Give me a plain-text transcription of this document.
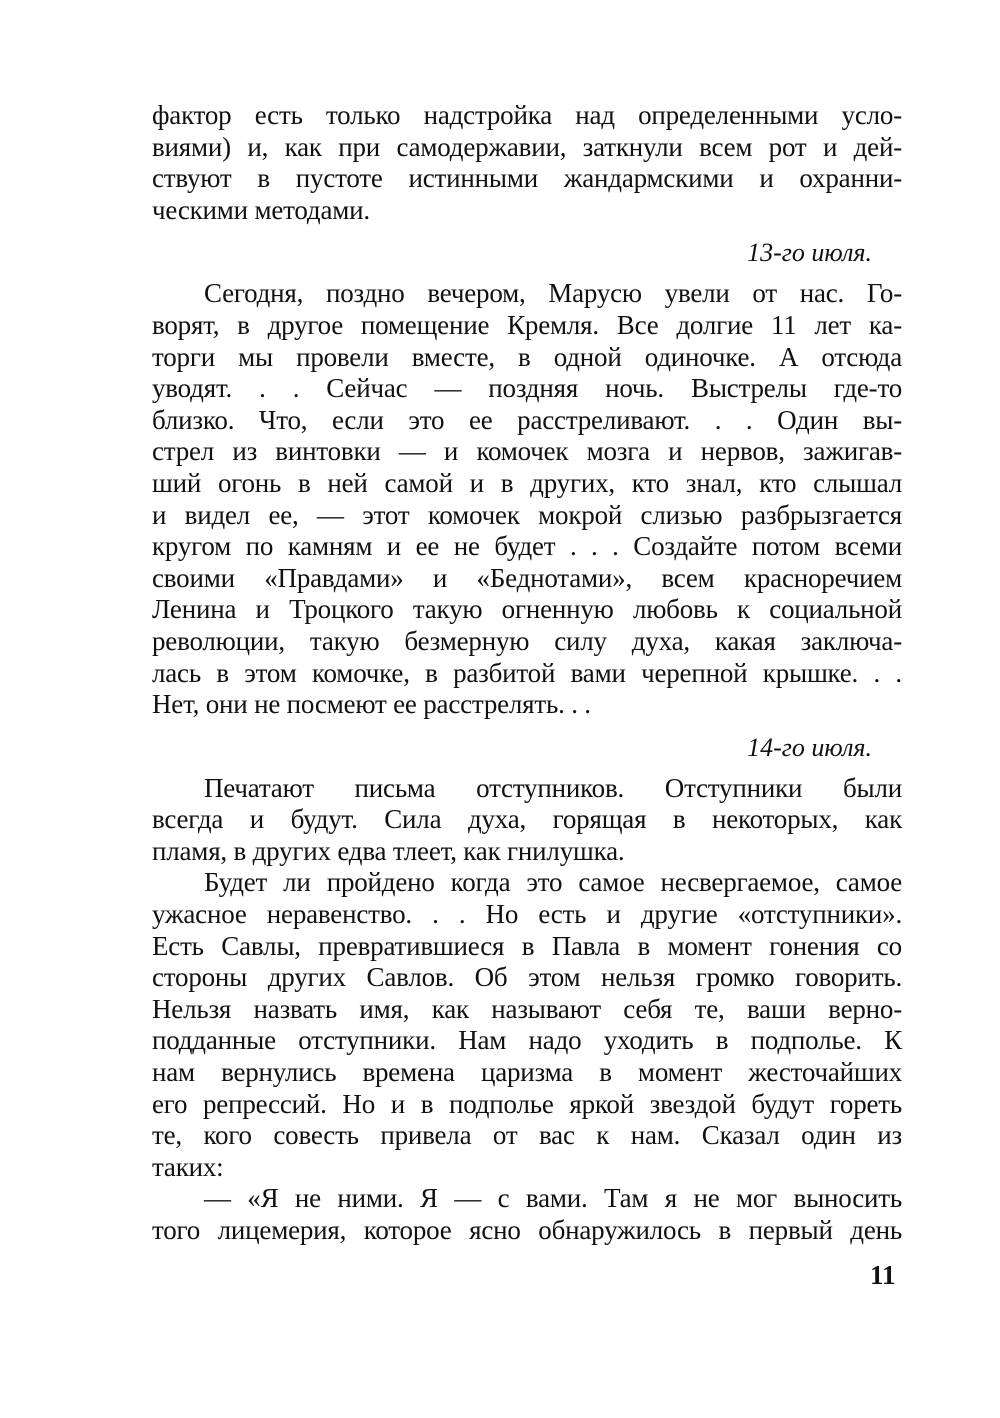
фактор есть только надстройка над определенными усло-
виями) и, как при самодержавии, заткнули всем рот и дей-
ствуют в пустоте истинными жандармскими и охранни-
ческими методами.
13-го июля.
Сегодня, поздно вечером, Марусю увели от нас. Го-
ворят, в другое помещение Кремля. Все долгие 11 лет ка-
торги мы провели вместе, в одной одиночке. А отсюда
уводят. . . Сейчас — поздняя ночь. Выстрелы где-то
близко. Что, если это ее расстреливают. . . Один вы-
стрел из винтовки — и комочек мозга и нервов, зажигав-
ший огонь в ней самой и в других, кто знал, кто слышал
и видел ее, — этот комочек мокрой слизью разбрызгается
кругом по камням и ее не будет . . . Создайте потом всеми
своими «Правдами» и «Беднотами», всем красноречием
Ленина и Троцкого такую огненную любовь к социальной
революции, такую безмерную силу духа, какая заключа-
лась в этом комочке, в разбитой вами черепной крышке. . .
Нет, они не посмеют ее расстрелять. . .
14-го июля.
Печатают письма отступников. Отступники были
всегда и будут. Сила духа, горящая в некоторых, как
пламя, в других едва тлеет, как гнилушка.
Будет ли пройдено когда это самое несвергаемое, самое
ужасное неравенство. . . Но есть и другие «отступники».
Есть Савлы, превратившиеся в Павла в момент гонения со
стороны других Савлов. Об этом нельзя громко говорить.
Нельзя назвать имя, как называют себя те, ваши верно-
подданные отступники. Нам надо уходить в подполье. К
нам вернулись времена царизма в момент жесточайших
его репрессий. Но и в подполье яркой звездой будут гореть
те, кого совесть привела от вас к нам. Сказал один из
таких:
— «Я не ними. Я — с вами. Там я не мог выносить
того лицемерия, которое ясно обнаружилось в первый день
11
